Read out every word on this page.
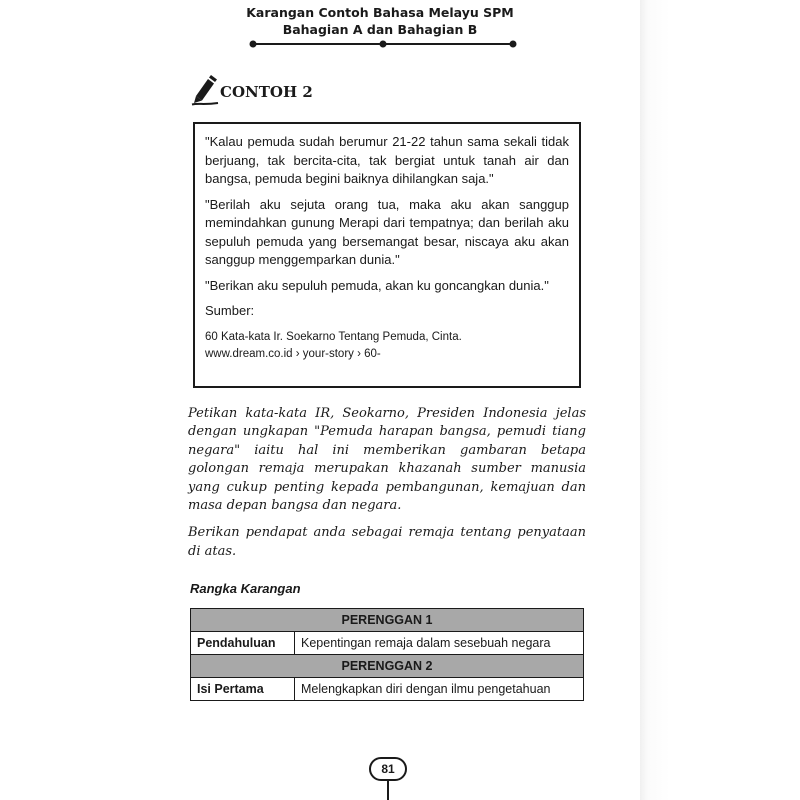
Karangan Contoh Bahasa Melayu SPM
Bahagian A dan Bahagian B
CONTOH 2

"Kalau pemuda sudah berumur 21-22 tahun sama sekali tidak berjuang, tak bercita-cita, tak bergiat untuk tanah air dan bangsa, pemuda begini baiknya dihilangkan saja."

"Berilah aku sejuta orang tua, maka aku akan sanggup memindahkan gunung Merapi dari tempatnya; dan berilah aku sepuluh pemuda yang bersemangat besar, niscaya aku akan sanggup menggemparkan dunia."

"Berikan aku sepuluh pemuda, akan ku goncangkan dunia."

Sumber:

60 Kata-kata Ir. Soekarno Tentang Pemuda, Cinta.

www.dream.co.id › your-story › 60-

Petikan kata-kata IR, Seokarno, Presiden Indonesia jelas dengan ungkapan "Pemuda harapan bangsa, pemudi tiang negara" iaitu hal ini memberikan gambaran betapa golongan remaja merupakan khazanah sumber manusia yang cukup penting kepada pembangunan, kemajuan dan masa depan bangsa dan negara.

Berikan pendapat anda sebagai remaja tentang penyataan di atas.

Rangka Karangan
PERENGGAN 1	
Pendahuluan	Kepentingan remaja dalam sesebuah negara
PERENGGAN 2	
Isi Pertama	Melengkapkan diri dengan ilmu pengetahuan
81
